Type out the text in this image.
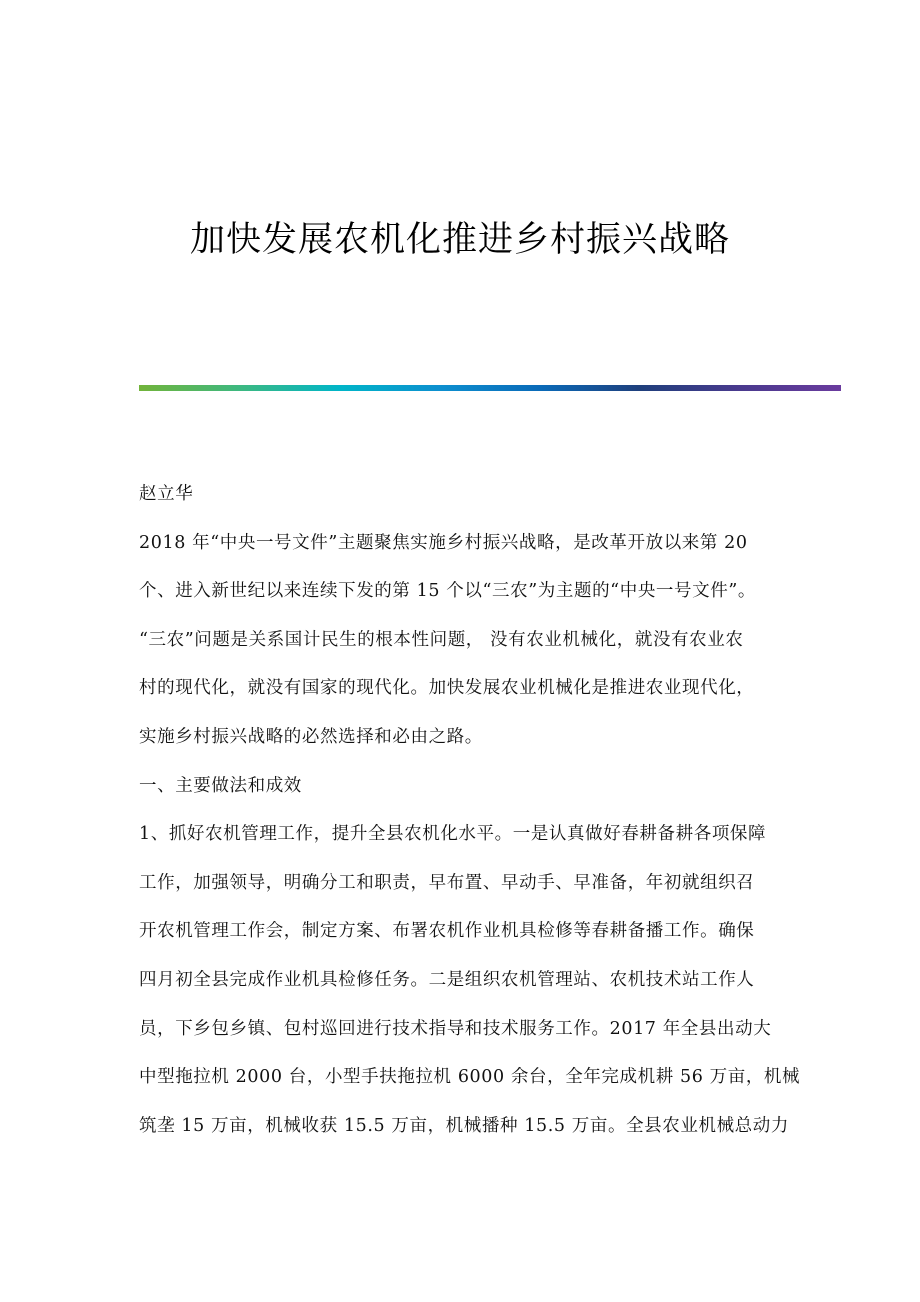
加快发展农机化推进乡村振兴战略
赵立华
2018 年“中央一号文件”主题聚焦实施乡村振兴战略，是改革开放以来第 20
个、进入新世纪以来连续下发的第 15 个以“三农”为主题的“中央一号文件”。
“三农”问题是关系国计民生的根本性问题， 没有农业机械化，就没有农业农
村的现代化，就没有国家的现代化。加快发展农业机械化是推进农业现代化，
实施乡村振兴战略的必然选择和必由之路。
一、主要做法和成效
1、抓好农机管理工作，提升全县农机化水平。一是认真做好春耕备耕各项保障
工作，加强领导，明确分工和职责，早布置、早动手、早准备，年初就组织召
开农机管理工作会，制定方案、布署农机作业机具检修等春耕备播工作。确保
四月初全县完成作业机具检修任务。二是组织农机管理站、农机技术站工作人
员，下乡包乡镇、包村巡回进行技术指导和技术服务工作。2017 年全县出动大
中型拖拉机 2000 台，小型手扶拖拉机 6000 余台，全年完成机耕 56 万亩，机械
筑垄 15 万亩，机械收获 15.5 万亩，机械播种 15.5 万亩。全县农业机械总动力
